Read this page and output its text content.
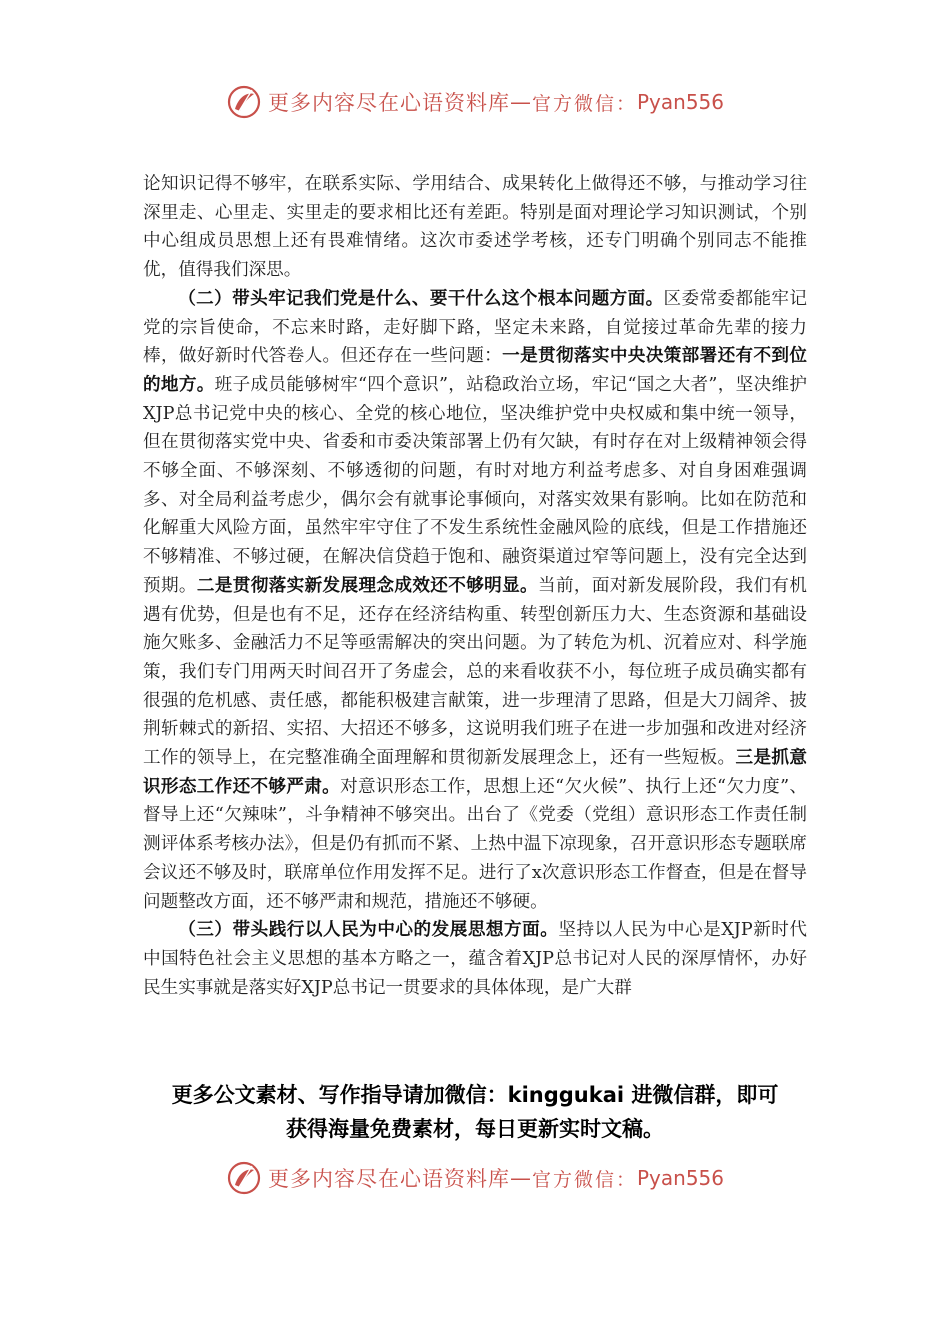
更多内容尽在心语资料库 — 官方微信： Pyan556

论知识记得不够牢，在联系实际、学用结合、成果转化上做得还不够，与推动学习往深里走、心里走、实里走的要求相比还有差距。特别是面对理论学习知识测试，个别中心组成员思想上还有畏难情绪。这次市委述学考核，还专门明确个别同志不能推优，值得我们深思。

（二）带头牢记我们党是什么、要干什么这个根本问题方面。区委常委都能牢记党的宗旨使命，不忘来时路，走好脚下路，坚定未来路，自觉接过革命先辈的接力棒，做好新时代答卷人。但还存在一些问题：一是贯彻落实中央决策部署还有不到位的地方。班子成员能够树牢“四个意识”，站稳政治立场，牢记“国之大者”，坚决维护XJP总书记党中央的核心、全党的核心地位，坚决维护党中央权威和集中统一领导，但在贯彻落实党中央、省委和市委决策部署上仍有欠缺，有时存在对上级精神领会得不够全面、不够深刻、不够透彻的问题，有时对地方利益考虑多、对自身困难强调多、对全局利益考虑少，偶尔会有就事论事倾向，对落实效果有影响。比如在防范和化解重大风险方面，虽然牢牢守住了不发生系统性金融风险的底线，但是工作措施还不够精准、不够过硬，在解决信贷趋于饱和、融资渠道过窄等问题上，没有完全达到预期。二是贯彻落实新发展理念成效还不够明显。当前，面对新发展阶段，我们有机遇有优势，但是也有不足，还存在经济结构重、转型创新压力大、生态资源和基础设施欠账多、金融活力不足等亟需解决的突出问题。为了转危为机、沉着应对、科学施策，我们专门用两天时间召开了务虚会，总的来看收获不小，每位班子成员确实都有很强的危机感、责任感，都能积极建言献策，进一步理清了思路，但是大刀阔斧、披荆斩棘式的新招、实招、大招还不够多，这说明我们班子在进一步加强和改进对经济工作的领导上，在完整准确全面理解和贯彻新发展理念上，还有一些短板。三是抓意识形态工作还不够严肃。对意识形态工作，思想上还“欠火候”、执行上还“欠力度”、督导上还“欠辣味”，斗争精神不够突出。出台了《党委（党组）意识形态工作责任制测评体系考核办法》，但是仍有抓而不紧、上热中温下凉现象，召开意识形态专题联席会议还不够及时，联席单位作用发挥不足。进行了x次意识形态工作督查，但是在督导问题整改方面，还不够严肃和规范，措施还不够硬。

（三）带头践行以人民为中心的发展思想方面。坚持以人民为中心是XJP新时代中国特色社会主义思想的基本方略之一，蕴含着XJP总书记对人民的深厚情怀，办好民生实事就是落实好XJP总书记一贯要求的具体体现，是广大群

更多公文素材、写作指导请加微信：kinggukai 进微信群，即可
获得海量免费素材，每日更新实时文稿。
更多内容尽在心语资料库 — 官方微信： Pyan556
